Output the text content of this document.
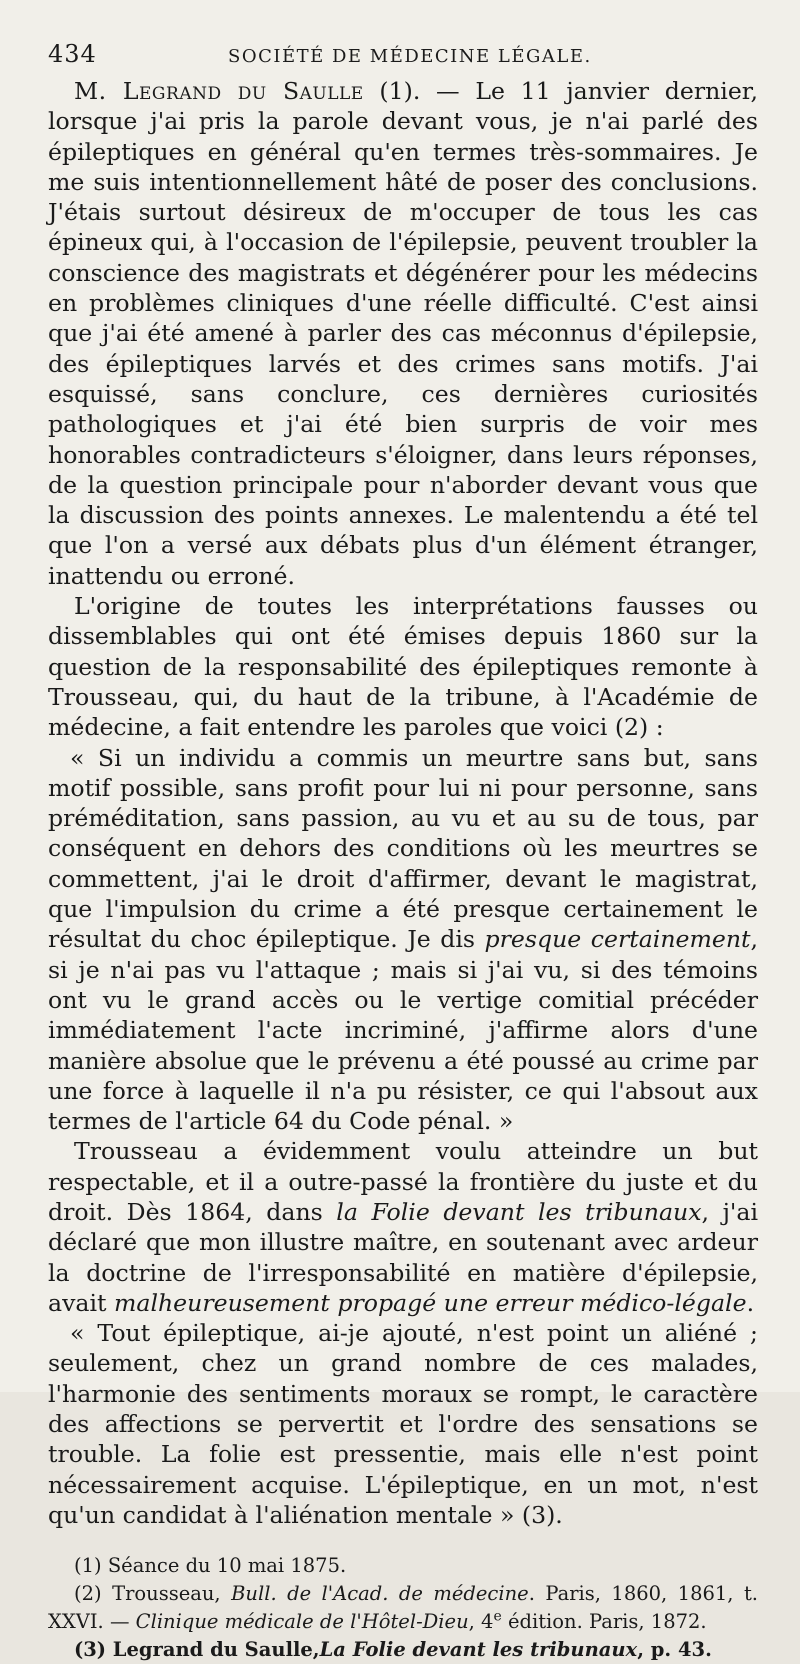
434	SOCIÉTÉ DE MÉDECINE LÉGALE.

M. Legrand du Saulle (1). — Le 11 janvier dernier, lorsque j'ai pris la parole devant vous, je n'ai parlé des épileptiques en général qu'en termes très-sommaires. Je me suis intentionnellement hâté de poser des conclusions. J'étais surtout désireux de m'occuper de tous les cas épineux qui, à l'occasion de l'épilepsie, peuvent troubler la conscience des magistrats et dégénérer pour les médecins en problèmes cliniques d'une réelle difficulté. C'est ainsi que j'ai été amené à parler des cas méconnus d'épilepsie, des épileptiques larvés et des crimes sans motifs. J'ai esquissé, sans conclure, ces dernières curiosités pathologiques et j'ai été bien surpris de voir mes honorables contradicteurs s'éloigner, dans leurs réponses, de la question principale pour n'aborder devant vous que la discussion des points annexes. Le malentendu a été tel que l'on a versé aux débats plus d'un élément étranger, inattendu ou erroné.

L'origine de toutes les interprétations fausses ou dissemblables qui ont été émises depuis 1860 sur la question de la responsabilité des épileptiques remonte à Trousseau, qui, du haut de la tribune, à l'Académie de médecine, a fait entendre les paroles que voici (2) :

« Si un individu a commis un meurtre sans but, sans motif possible, sans profit pour lui ni pour personne, sans préméditation, sans passion, au vu et au su de tous, par conséquent en dehors des conditions où les meurtres se commettent, j'ai le droit d'affirmer, devant le magistrat, que l'impulsion du crime a été presque certainement le résultat du choc épileptique. Je dis presque certainement, si je n'ai pas vu l'attaque ; mais si j'ai vu, si des témoins ont vu le grand accès ou le vertige comitial précéder immédiatement l'acte incriminé, j'affirme alors d'une manière absolue que le prévenu a été poussé au crime par une force à laquelle il n'a pu résister, ce qui l'absout aux termes de l'article 64 du Code pénal. »

Trousseau a évidemment voulu atteindre un but respectable, et il a outre-passé la frontière du juste et du droit. Dès 1864, dans la Folie devant les tribunaux, j'ai déclaré que mon illustre maître, en soutenant avec ardeur la doctrine de l'irresponsabilité en matière d'épilepsie, avait malheureusement propagé une erreur médico-légale.

« Tout épileptique, ai-je ajouté, n'est point un aliéné ; seulement, chez un grand nombre de ces malades, l'harmonie des sentiments moraux se rompt, le caractère des affections se pervertit et l'ordre des sensations se trouble. La folie est pressentie, mais elle n'est point nécessairement acquise. L'épileptique, en un mot, n'est qu'un candidat à l'aliénation mentale » (3).

(1) Séance du 10 mai 1875.

(2) Trousseau, Bull. de l'Acad. de médecine. Paris, 1860, 1861, t. XXVI. — Clinique médicale de l'Hôtel-Dieu, 4e édition. Paris, 1872.

(3) Legrand du Saulle,La Folie devant les tribunaux, p. 43.
